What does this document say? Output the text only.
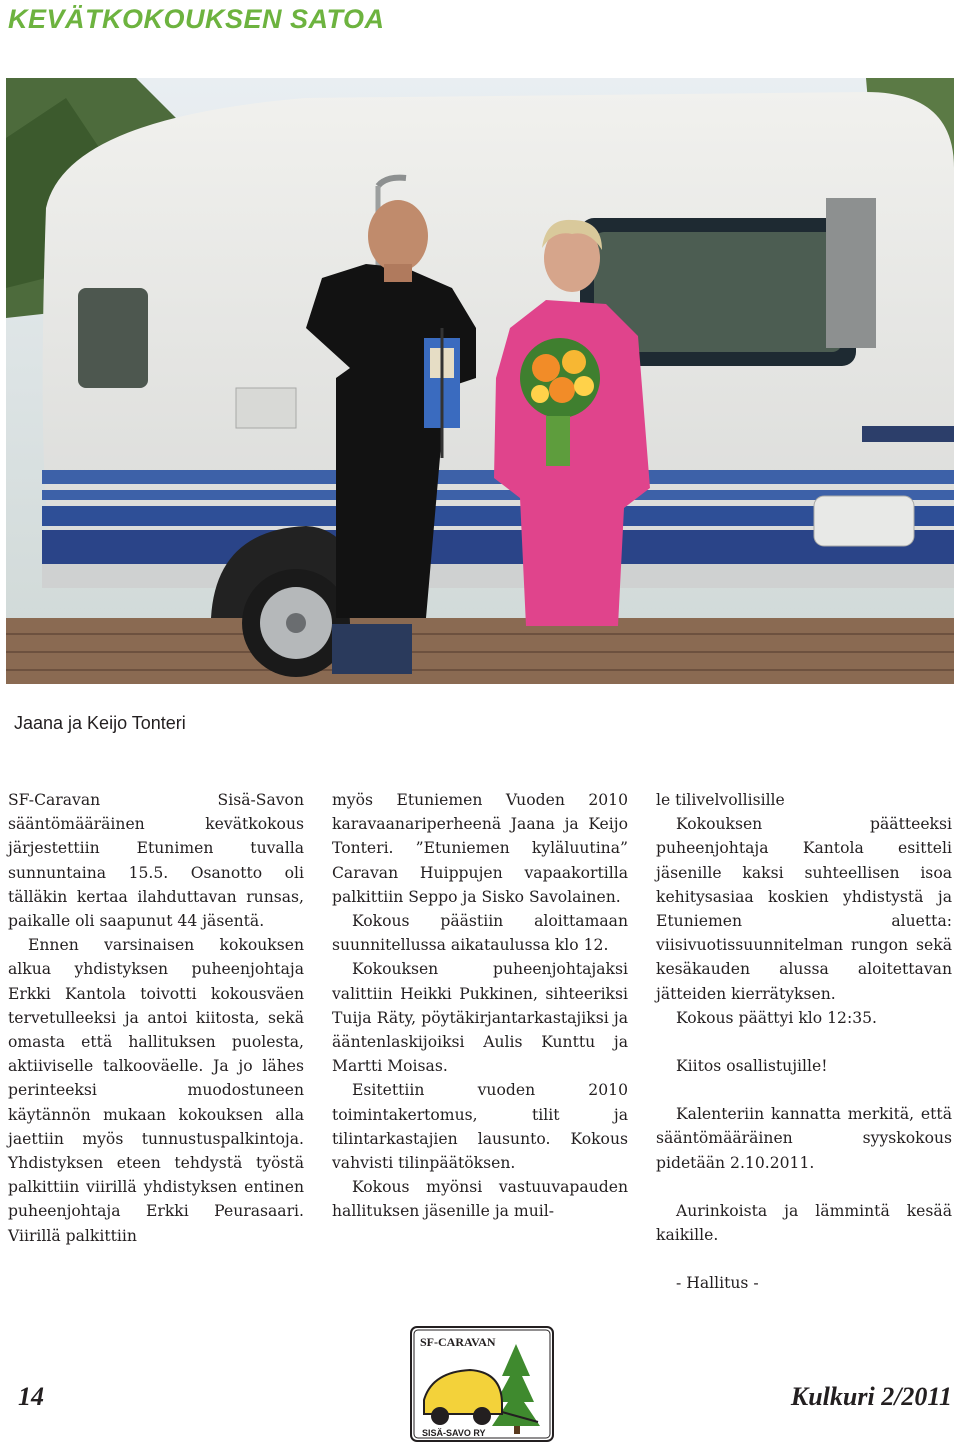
KEVÄTKOKOUKSEN SATOA
Jaana ja Keijo Tonteri

SF-Caravan Sisä-Savon sääntömääräinen kevätkokous järjestettiin Etunimen tuvalla sunnuntaina 15.5. Osanotto oli tälläkin kertaa ilahduttavan runsas, paikalle oli saapunut 44 jäsentä.

Ennen varsinaisen kokouksen alkua yhdistyksen puheenjohtaja Erkki Kantola toivotti kokousväen tervetulleeksi ja antoi kiitosta, sekä omasta että hallituksen puolesta, aktiiviselle talkooväelle. Ja jo lähes perinteeksi muodostuneen käytännön mukaan kokouksen alla jaettiin myös tunnustuspalkintoja. Yhdistyksen eteen tehdystä työstä palkittiin viirillä yhdistyksen entinen puheenjohtaja Erkki Peurasaari. Viirillä palkittiin

myös Etuniemen Vuoden 2010 karavaanariperheenä Jaana ja Keijo Tonteri. ”Etuniemen kyläluutina” Caravan Huippujen vapaakortilla palkittiin Seppo ja Sisko Savolainen.

Kokous päästiin aloittamaan suunnitellussa aikataulussa klo 12.

Kokouksen puheenjohtajaksi valittiin Heikki Pukkinen, sihteeriksi Tuija Räty, pöytäkirjantarkastajiksi ja ääntenlaskijoiksi Aulis Kunttu ja Martti Moisas.

Esitettiin vuoden 2010 toimintakertomus, tilit ja tilintarkastajien lausunto. Kokous vahvisti tilinpäätöksen.

Kokous myönsi vastuuvapauden hallituksen jäsenille ja muil-

le tilivelvollisille

Kokouksen päätteeksi puheenjohtaja Kantola esitteli jäsenille kaksi suhteellisen isoa kehitysasiaa koskien yhdistystä ja Etuniemen aluetta: viisivuotissuunnitelman rungon sekä kesäkauden alussa aloitettavan jätteiden kierrätyksen.

Kokous päättyi klo 12:35.

Kiitos osallistujille!

Kalenteriin kannatta merkitä, että sääntömääräinen syyskokous pidetään 2.10.2011.

Aurinkoista ja lämmintä kesää kaikille.

- Hallitus -

14	Kulkuri 2/2011
SF-CARAVAN
SISÄ-SAVO RY
